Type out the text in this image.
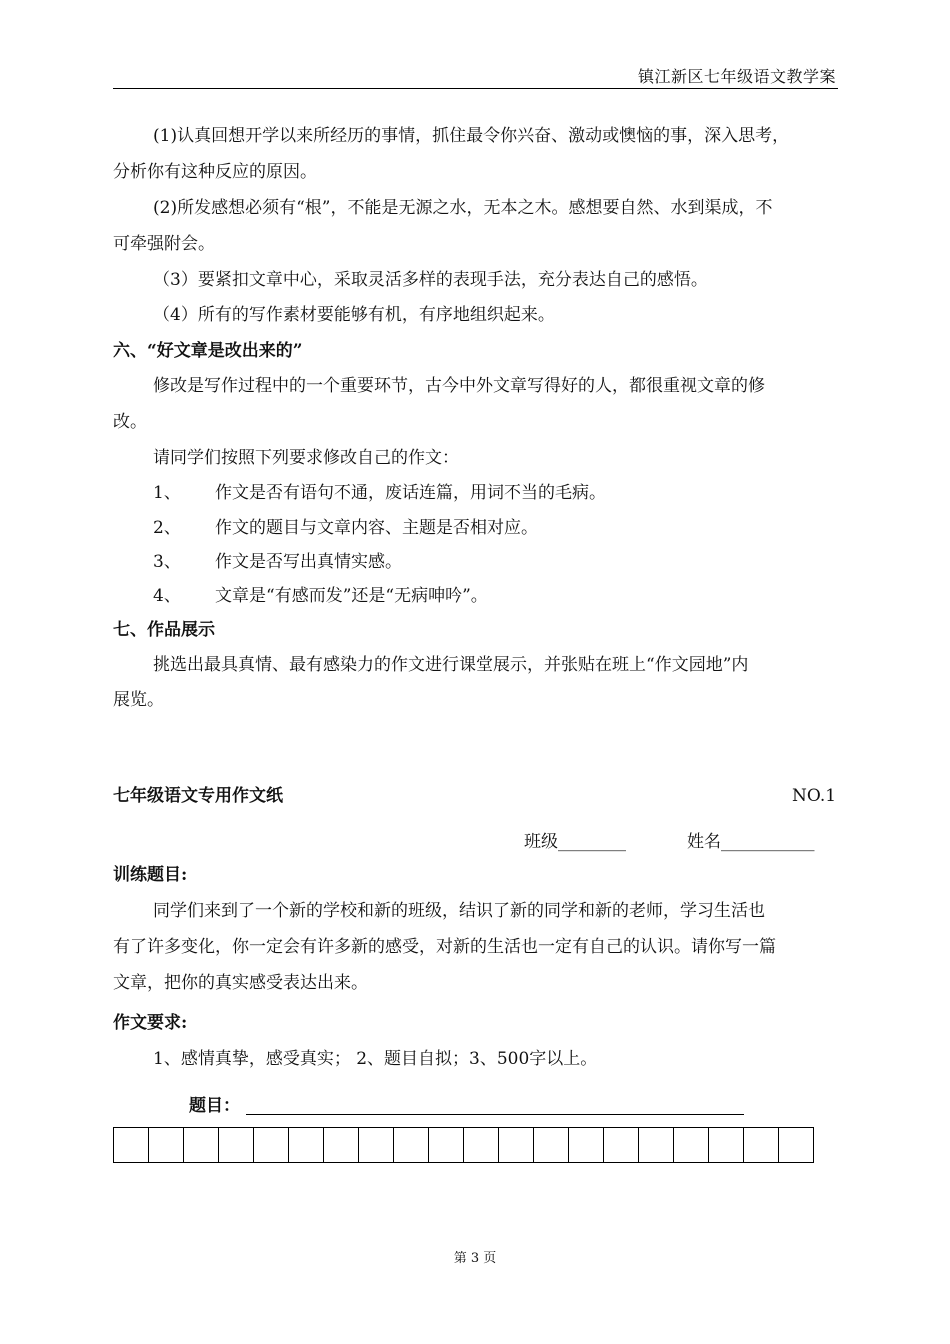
镇江新区七年级语文教学案
(1)认真回想开学以来所经历的事情，抓住最令你兴奋、激动或懊恼的事，深入思考，
分析你有这种反应的原因。
(2)所发感想必须有“根”，不能是无源之水，无本之木。感想要自然、水到渠成，不
可牵强附会。
（3）要紧扣文章中心，采取灵活多样的表现手法，充分表达自己的感悟。
（4）所有的写作素材要能够有机，有序地组织起来。
六、“好文章是改出来的”
修改是写作过程中的一个重要环节，古今中外文章写得好的人，都很重视文章的修
改。
请同学们按照下列要求修改自己的作文：
1、 作文是否有语句不通，废话连篇，用词不当的毛病。
2、 作文的题目与文章内容、主题是否相对应。
3、 作文是否写出真情实感。
4、 文章是“有感而发”还是“无病呻吟”。
七、作品展示
挑选出最具真情、最有感染力的作文进行课堂展示，并张贴在班上“作文园地”内
展览。
七年级语文专用作文纸	NO.1
班级________	姓名___________
训练题目:
同学们来到了一个新的学校和新的班级，结识了新的同学和新的老师，学习生活也
有了许多变化，你一定会有许多新的感受，对新的生活也一定有自己的认识。请你写一篇
文章，把你的真实感受表达出来。
作文要求:
1、感情真挚，感受真实； 2、题目自拟；3、500字以上。
题目：
第 3 页
